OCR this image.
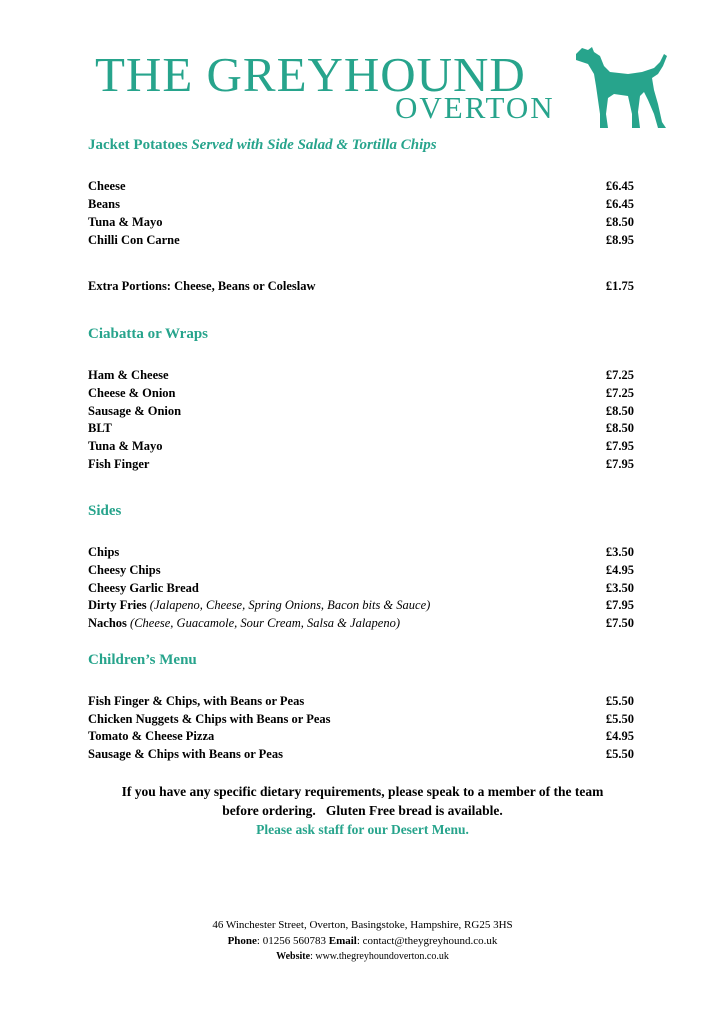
THE GREYHOUND
OVERTON
Jacket Potatoes Served with Side Salad & Tortilla Chips
Cheese	£6.45
Beans	£6.45
Tuna & Mayo	£8.50
Chilli Con Carne	£8.95
Extra Portions: Cheese, Beans or Coleslaw	£1.75
Ciabatta or Wraps
Ham & Cheese	£7.25
Cheese & Onion	£7.25
Sausage & Onion	£8.50
BLT	£8.50
Tuna & Mayo	£7.95
Fish Finger	£7.95
Sides
Chips	£3.50
Cheesy Chips	£4.95
Cheesy Garlic Bread	£3.50
Dirty Fries (Jalapeno, Cheese, Spring Onions, Bacon bits & Sauce)	£7.95
Nachos (Cheese, Guacamole, Sour Cream, Salsa & Jalapeno)	£7.50
Children’s Menu
Fish Finger & Chips, with Beans or Peas	£5.50
Chicken Nuggets & Chips with Beans or Peas	£5.50
Tomato & Cheese Pizza	£4.95
Sausage & Chips with Beans or Peas	£5.50
If you have any specific dietary requirements, please speak to a member of the team
before ordering.   Gluten Free bread is available.
Please ask staff for our Desert Menu.
46 Winchester Street, Overton, Basingstoke, Hampshire, RG25 3HS
Phone: 01256 560783 Email: contact@theygreyhound.co.uk
Website: www.thegreyhoundoverton.co.uk
